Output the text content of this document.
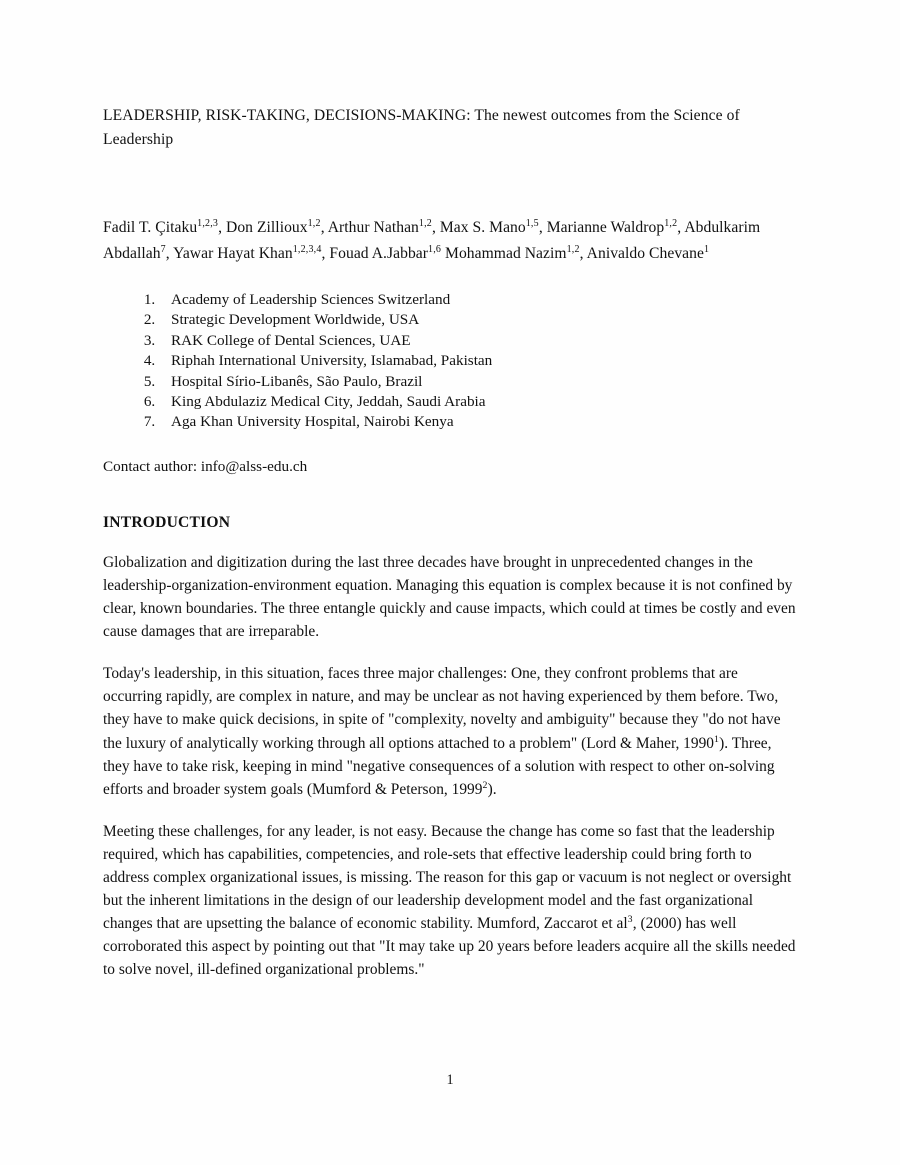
LEADERSHIP, RISK-TAKING, DECISIONS-MAKING: The newest outcomes from the Science of Leadership

Fadil T. Çitaku$^{1,2,3}$, Don Zillioux$^{1,2}$, Arthur Nathan$^{1,2}$, Max S. Mano$^{1,5}$, Marianne Waldrop$^{1,2}$, Abdulkarim Abdallah$^7$, Yawar Hayat Khan$^{1,2,3,4}$, Fouad A.Jabbar$^{1,6}$ Mohammad Nazim$^{1,2}$, Anivaldo Chevane$^1$

1. Academy of Leadership Sciences Switzerland
2. Strategic Development Worldwide, USA
3. RAK College of Dental Sciences, UAE
4. Riphah International University, Islamabad, Pakistan
5. Hospital Sírio-Libanês, São Paulo, Brazil
6. King Abdulaziz Medical City, Jeddah, Saudi Arabia
7. Aga Khan University Hospital, Nairobi Kenya

Contact author: info@alss-edu.ch

INTRODUCTION

Globalization and digitization during the last three decades have brought in unprecedented changes in the leadership-organization-environment equation. Managing this equation is complex because it is not confined by clear, known boundaries. The three entangle quickly and cause impacts, which could at times be costly and even cause damages that are irreparable.

Today's leadership, in this situation, faces three major challenges: One, they confront problems that are occurring rapidly, are complex in nature, and may be unclear as not having experienced by them before. Two, they have to make quick decisions, in spite of "complexity, novelty and ambiguity" because they "do not have the luxury of analytically working through all options attached to a problem" (Lord & Maher, 1990$^1$). Three, they have to take risk, keeping in mind "negative consequences of a solution with respect to other on-solving efforts and broader system goals (Mumford & Peterson, 1999$^2$).

Meeting these challenges, for any leader, is not easy. Because the change has come so fast that the leadership required, which has capabilities, competencies, and role-sets that effective leadership could bring forth to address complex organizational issues, is missing. The reason for this gap or vacuum is not neglect or oversight but the inherent limitations in the design of our leadership development model and the fast organizational changes that are upsetting the balance of economic stability. Mumford, Zaccarot et $al^3$, (2000) has well corroborated this aspect by pointing out that "It may take up 20 years before leaders acquire all the skills needed to solve novel, ill-defined organizational problems."

1
